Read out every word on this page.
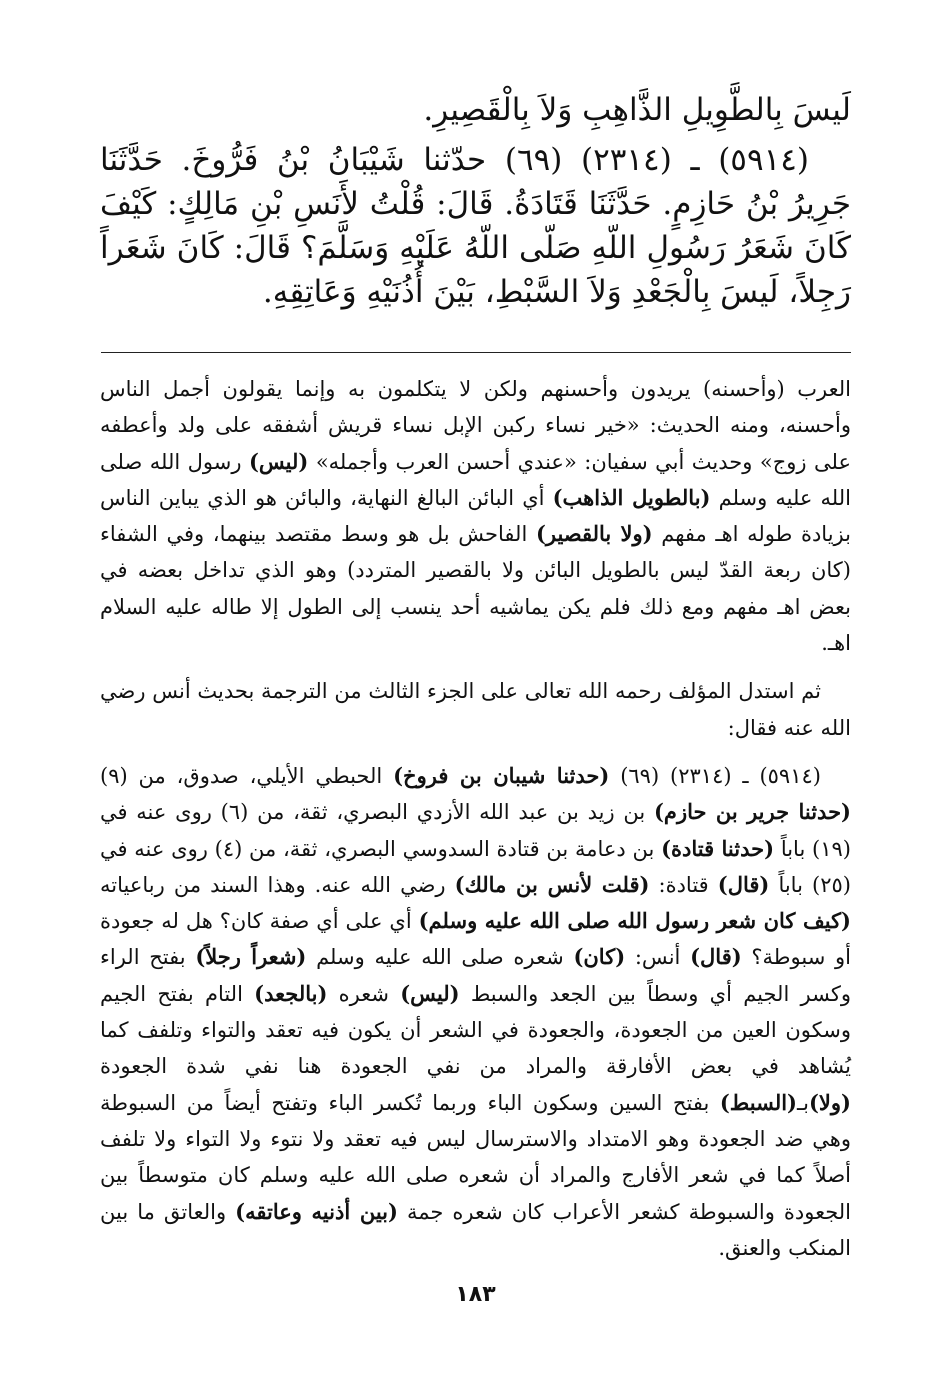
لَيسَ بِالطَّوِيلِ الذَّاهِبِ وَلاَ بِالْقَصِيرِ.

(٥٩١٤) ـ (٢٣١٤) (٦٩) حدّثنا شَيْبَانُ بْنُ فَرُّوخَ. حَدَّثَنَا جَرِيرُ بْنُ حَازِمٍ. حَدَّثَنَا قَتَادَةُ. قَالَ: قُلْتُ لأَنَسِ بْنِ مَالِكٍ: كَيْفَ كَانَ شَعَرُ رَسُولِ اللّهِ صَلّى اللّهُ عَلَيْهِ وَسَلَّمَ؟ قَالَ: كَانَ شَعَراً رَجِلاً، لَيسَ بِالْجَعْدِ وَلاَ السَّبْطِ، بَيْنَ أُذُنَيْهِ وَعَاتِقِهِ.

العرب (وأحسنه) يريدون وأحسنهم ولكن لا يتكلمون به وإنما يقولون أجمل الناس وأحسنه، ومنه الحديث: «خير نساء ركبن الإبل نساء قريش أشفقه على ولد وأعطفه على زوج» وحديث أبي سفيان: «عندي أحسن العرب وأجمله» (ليس) رسول الله صلى الله عليه وسلم (بالطويل الذاهب) أي البائن البالغ النهاية، والبائن هو الذي يباين الناس بزيادة طوله اهـ مفهم (ولا بالقصير) الفاحش بل هو وسط مقتصد بينهما، وفي الشفاء (كان ربعة القدّ ليس بالطويل البائن ولا بالقصير المتردد) وهو الذي تداخل بعضه في بعض اهـ مفهم ومع ذلك فلم يكن يماشيه أحد ينسب إلى الطول إلا طاله عليه السلام اهـ.

ثم استدل المؤلف رحمه الله تعالى على الجزء الثالث من الترجمة بحديث أنس رضي الله عنه فقال:

(٥٩١٤) ـ (٢٣١٤) (٦٩) (حدثنا شيبان بن فروخ) الحبطي الأيلي، صدوق، من (٩) (حدثنا جرير بن حازم) بن زيد بن عبد الله الأزدي البصري، ثقة، من (٦) روى عنه في (١٩) باباً (حدثنا قتادة) بن دعامة بن قتادة السدوسي البصري، ثقة، من (٤) روى عنه في (٢٥) باباً (قال) قتادة: (قلت لأنس بن مالك) رضي الله عنه. وهذا السند من رباعياته (كيف كان شعر رسول الله صلى الله عليه وسلم) أي على أي صفة كان؟ هل له جعودة أو سبوطة؟ (قال) أنس: (كان) شعره صلى الله عليه وسلم (شعراً رجلاً) بفتح الراء وكسر الجيم أي وسطاً بين الجعد والسبط (ليس) شعره (بالجعد) التام بفتح الجيم وسكون العين من الجعودة، والجعودة في الشعر أن يكون فيه تعقد والتواء وتلفف كما يُشاهد في بعض الأفارقة والمراد من نفي الجعودة هنا نفي شدة الجعودة (ولا)بـ(السبط) بفتح السين وسكون الباء وربما تُكسر الباء وتفتح أيضاً من السبوطة وهي ضد الجعودة وهو الامتداد والاسترسال ليس فيه تعقد ولا نتوء ولا التواء ولا تلفف أصلاً كما في شعر الأفارج والمراد أن شعره صلى الله عليه وسلم كان متوسطاً بين الجعودة والسبوطة كشعر الأعراب كان شعره جمة (بين أذنيه وعاتقه) والعاتق ما بين المنكب والعنق.

١٨٣
